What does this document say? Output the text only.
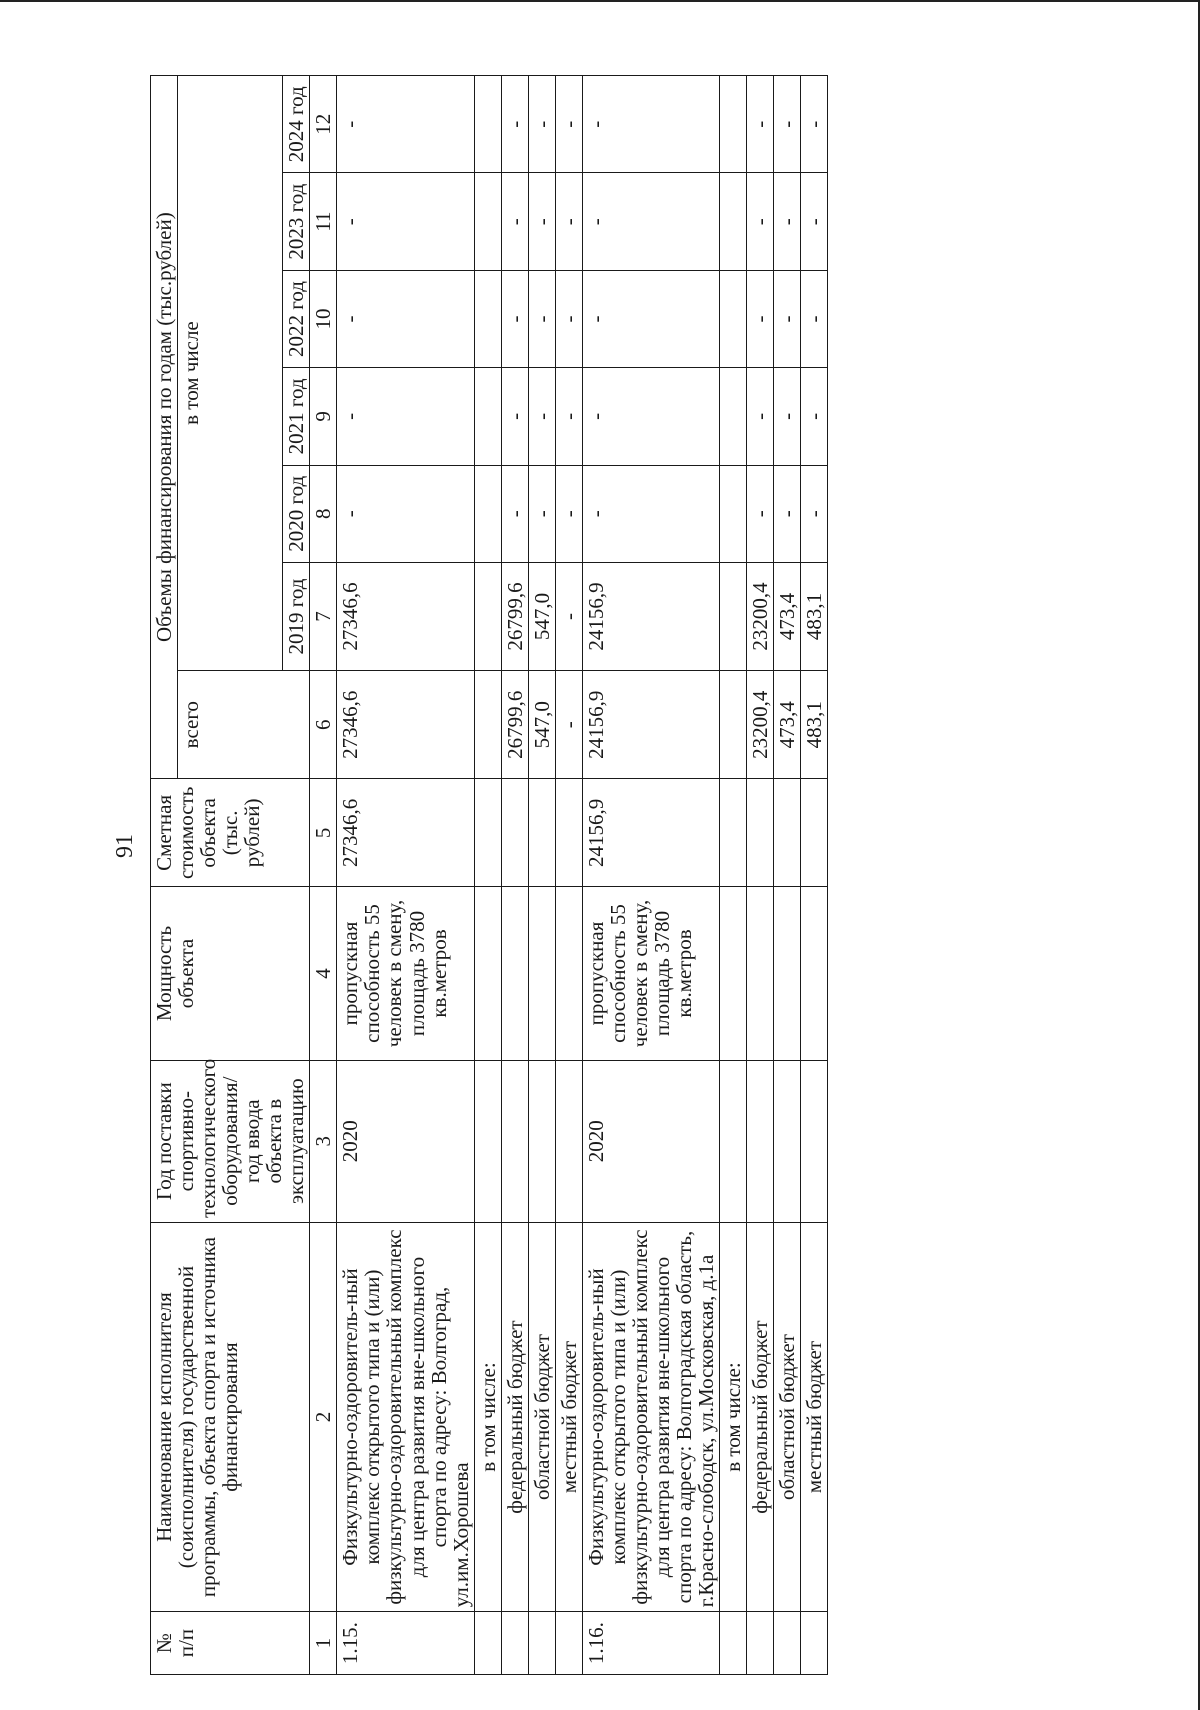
91
№
п/п	Наименование исполнителя (соисполнителя) государственной программы, объекта спорта и источника финансирования	Год поставки спортивно-технологического оборудования/ год ввода объекта в эксплуатацию	Мощность объекта	Сметная стоимость объекта (тыс. рублей)	Объемы финансирования по годам (тыс.рублей)						
					всего	в том числе					
						2019 год	2020 год	2021 год	2022 год	2023 год	2024 год
1	2	3	4	5	6	7	8	9	10	11	12
1.15.	Физкультурно-оздоровитель-ный комплекс открытого типа и (или) физкультурно-оздоровительный комплекс для центра развития вне-школьного спорта по адресу: Волгоград, ул.им.Хорошева	2020	пропускная способность 55 человек в смену, площадь 3780 кв.метров	27346,6	27346,6	27346,6	-	-	-	-	-
	в том числе:										
	федеральный бюджет				26799,6	26799,6	-	-	-	-	-
	областной бюджет				547,0	547,0	-	-	-	-	-
	местный бюджет				-	-	-	-	-	-	-
1.16.	Физкультурно-оздоровитель-ный комплекс открытого типа и (или) физкультурно-оздоровительный комплекс для центра развития вне-школьного спорта по адресу: Волгоградская область, г.Красно-слободск, ул.Московская, д.1а	2020	пропускная способность 55 человек в смену, площадь 3780 кв.метров	24156,9	24156,9	24156,9	-	-	-	-	-
	в том числе:										
	федеральный бюджет				23200,4	23200,4	-	-	-	-	-
	областной бюджет				473,4	473,4	-	-	-	-	-
	местный бюджет				483,1	483,1	-	-	-	-	-
